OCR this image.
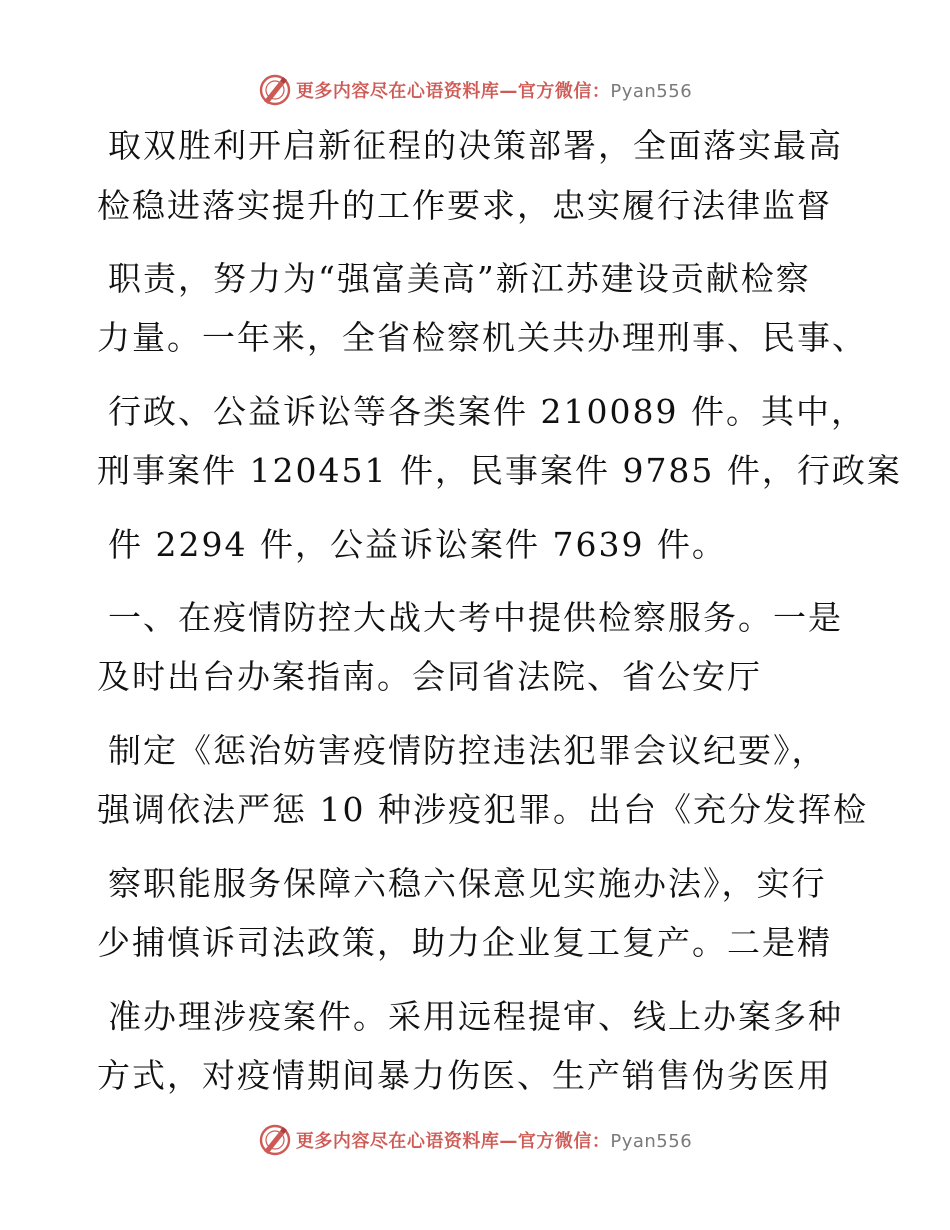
更多内容尽在心语资料库—官方微信：Pyan556
取双胜利开启新征程的决策部署，全面落实最高
检稳进落实提升的工作要求，忠实履行法律监督
职责，努力为“强富美高”新江苏建设贡献检察
力量。一年来，全省检察机关共办理刑事、民事、
行政、公益诉讼等各类案件 210089 件。其中，
刑事案件 120451 件，民事案件 9785 件，行政案
件 2294 件，公益诉讼案件 7639 件。
一、在疫情防控大战大考中提供检察服务。一是
及时出台办案指南。会同省法院、省公安厅
制定《惩治妨害疫情防控违法犯罪会议纪要》，
强调依法严惩 10 种涉疫犯罪。出台《充分发挥检
察职能服务保障六稳六保意见实施办法》，实行
少捕慎诉司法政策，助力企业复工复产。二是精
准办理涉疫案件。采用远程提审、线上办案多种
方式，对疫情期间暴力伤医、生产销售伪劣医用
更多内容尽在心语资料库—官方微信：Pyan556
